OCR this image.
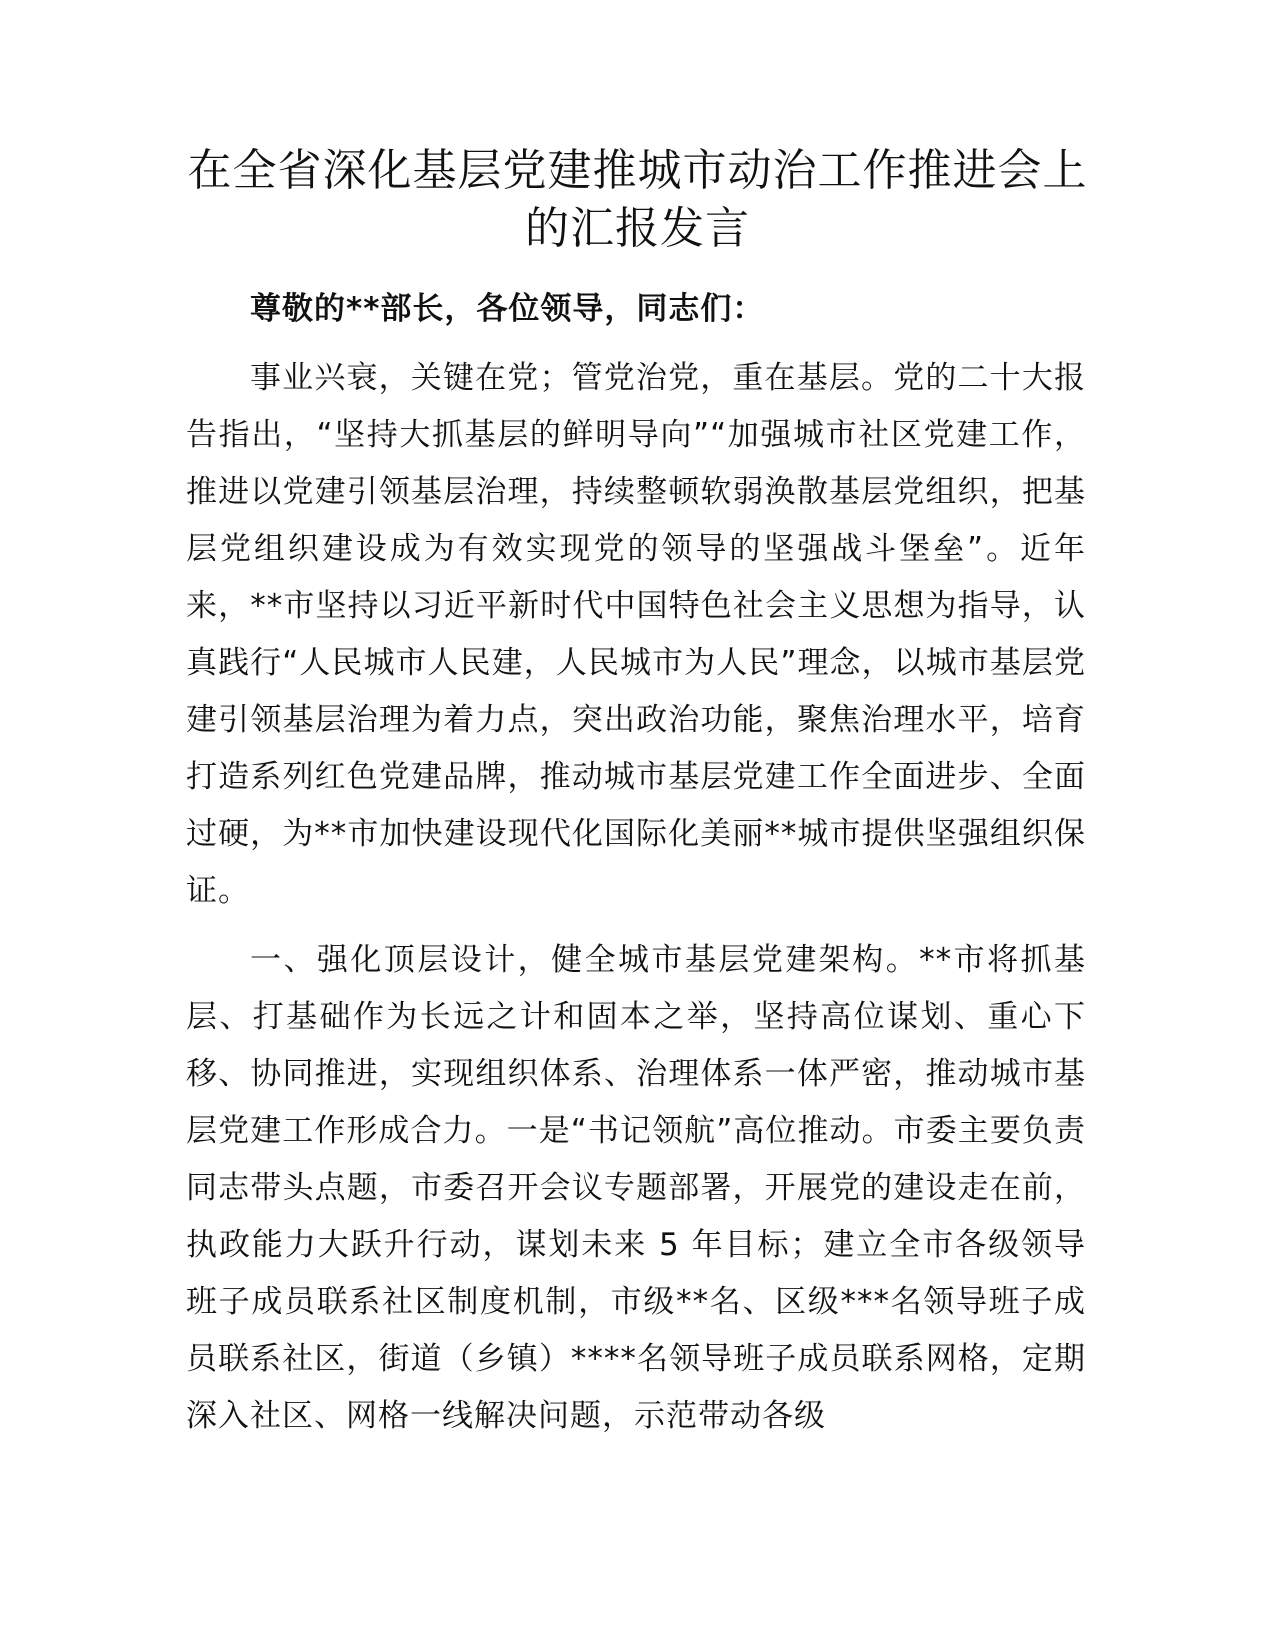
在全省深化基层党建推城市动治工作推进会上
的汇报发言

尊敬的**部长，各位领导，同志们：

事业兴衰，关键在党；管党治党，重在基层。党的二十大报告指出，“坚持大抓基层的鲜明导向”“加强城市社区党建工作，推进以党建引领基层治理，持续整顿软弱涣散基层党组织，把基层党组织建设成为有效实现党的领导的坚强战斗堡垒”。近年来，**市坚持以习近平新时代中国特色社会主义思想为指导，认真践行“人民城市人民建，人民城市为人民”理念，以城市基层党建引领基层治理为着力点，突出政治功能，聚焦治理水平，培育打造系列红色党建品牌，推动城市基层党建工作全面进步、全面过硬，为**市加快建设现代化国际化美丽**城市提供坚强组织保证。

一、强化顶层设计，健全城市基层党建架构。**市将抓基层、打基础作为长远之计和固本之举，坚持高位谋划、重心下移、协同推进，实现组织体系、治理体系一体严密，推动城市基层党建工作形成合力。一是“书记领航”高位推动。市委主要负责同志带头点题，市委召开会议专题部署，开展党的建设走在前，执政能力大跃升行动，谋划未来 5 年目标；建立全市各级领导班子成员联系社区制度机制，市级**名、区级***名领导班子成员联系社区，街道（乡镇）****名领导班子成员联系网格，定期深入社区、网格一线解决问题，示范带动各级
